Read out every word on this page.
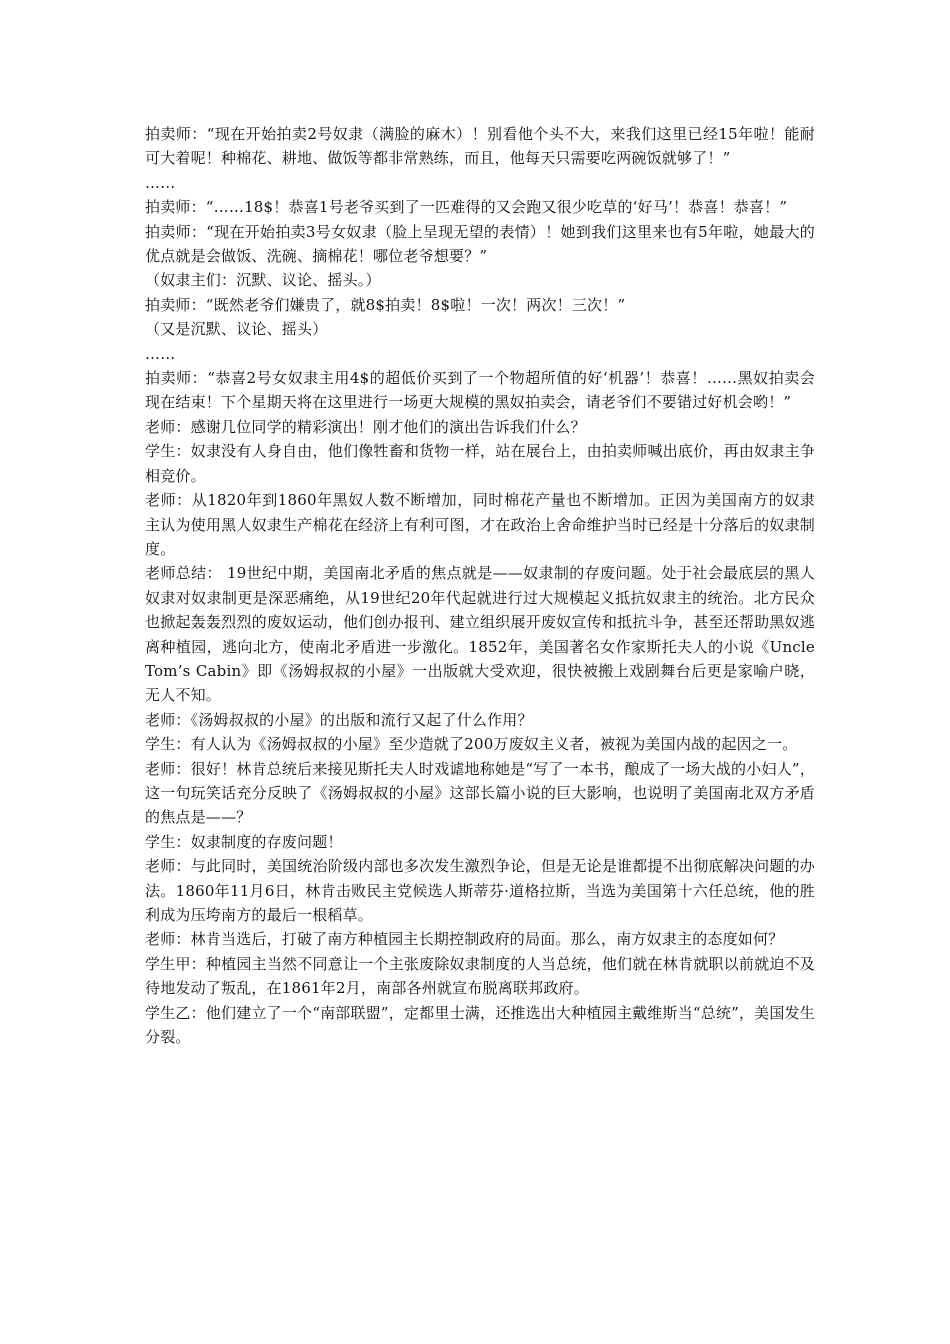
拍卖师：“现在开始拍卖2号奴隶（满脸的麻木）！别看他个头不大，来我们这里已经15年啦！能耐可大着呢！种棉花、耕地、做饭等都非常熟练，而且，他每天只需要吃两碗饭就够了！”

……

拍卖师：“……18$！恭喜1号老爷买到了一匹难得的又会跑又很少吃草的‘好马’！恭喜！恭喜！”

拍卖师：“现在开始拍卖3号女奴隶（脸上呈现无望的表情）！她到我们这里来也有5年啦，她最大的优点就是会做饭、洗碗、摘棉花！哪位老爷想要？”

（奴隶主们：沉默、议论、摇头。）

拍卖师：“既然老爷们嫌贵了，就8$拍卖！8$啦！一次！两次！三次！”

（又是沉默、议论、摇头）

……

拍卖师：“恭喜2号女奴隶主用4$的超低价买到了一个物超所值的好‘机器’！恭喜！……黑奴拍卖会现在结束！下个星期天将在这里进行一场更大规模的黑奴拍卖会，请老爷们不要错过好机会哟！”

老师：感谢几位同学的精彩演出！刚才他们的演出告诉我们什么？

学生：奴隶没有人身自由，他们像牲畜和货物一样，站在展台上，由拍卖师喊出底价，再由奴隶主争相竞价。

老师：从1820年到1860年黑奴人数不断增加，同时棉花产量也不断增加。正因为美国南方的奴隶主认为使用黑人奴隶生产棉花在经济上有利可图，才在政治上舍命维护当时已经是十分落后的奴隶制度。

老师总结： 19世纪中期，美国南北矛盾的焦点就是——奴隶制的存废问题。处于社会最底层的黑人奴隶对奴隶制更是深恶痛绝，从19世纪20年代起就进行过大规模起义抵抗奴隶主的统治。北方民众也掀起轰轰烈烈的废奴运动，他们创办报刊、建立组织展开废奴宣传和抵抗斗争，甚至还帮助黑奴逃离种植园，逃向北方，使南北矛盾进一步激化。1852年，美国著名女作家斯托夫人的小说《UncleTom’s Cabin》即《汤姆叔叔的小屋》一出版就大受欢迎，很快被搬上戏剧舞台后更是家喻户晓，无人不知。

老师：《汤姆叔叔的小屋》的出版和流行又起了什么作用？

学生：有人认为《汤姆叔叔的小屋》至少造就了200万废奴主义者，被视为美国内战的起因之一。

老师：很好！林肯总统后来接见斯托夫人时戏谑地称她是“写了一本书，酿成了一场大战的小妇人”，这一句玩笑话充分反映了《汤姆叔叔的小屋》这部长篇小说的巨大影响，也说明了美国南北双方矛盾的焦点是——？

学生：奴隶制度的存废问题！

老师：与此同时，美国统治阶级内部也多次发生激烈争论，但是无论是谁都提不出彻底解决问题的办法。1860年11月6日，林肯击败民主党候选人斯蒂芬·道格拉斯，当选为美国第十六任总统，他的胜利成为压垮南方的最后一根稻草。

老师：林肯当选后，打破了南方种植园主长期控制政府的局面。那么，南方奴隶主的态度如何？

学生甲：种植园主当然不同意让一个主张废除奴隶制度的人当总统，他们就在林肯就职以前就迫不及待地发动了叛乱，在1861年2月，南部各州就宣布脱离联邦政府。

学生乙：他们建立了一个“南部联盟”，定都里士满，还推选出大种植园主戴维斯当“总统”，美国发生分裂。
